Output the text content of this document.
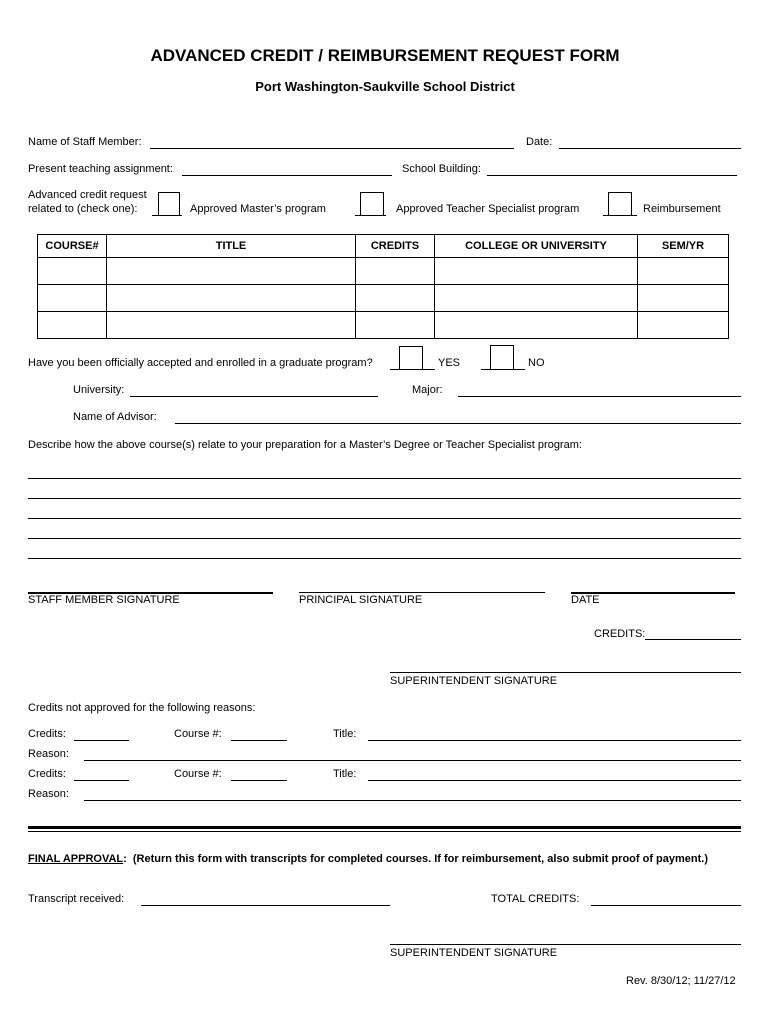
ADVANCED CREDIT / REIMBURSEMENT REQUEST FORM
Port Washington-Saukville School District
Name of Staff Member:	Date:
Present teaching assignment:	School Building:
Advanced credit request
related to (check one):	Approved Master’s program	Approved Teacher Specialist program	Reimbursement
COURSE#	TITLE	CREDITS	COLLEGE OR UNIVERSITY	SEM/YR

Have you been officially accepted and enrolled in a graduate program?	YES	NO
University:	Major:
Name of Advisor:
Describe how the above course(s) relate to your preparation for a Master’s Degree or Teacher Specialist program:
STAFF MEMBER SIGNATURE	PRINCIPAL SIGNATURE	DATE
CREDITS:
SUPERINTENDENT SIGNATURE
Credits not approved for the following reasons:
Credits:	Course #:	Title:
Reason:
Credits:	Course #:	Title:
Reason:
FINAL APPROVAL: (Return this form with transcripts for completed courses. If for reimbursement, also submit proof of payment.)
Transcript received:	TOTAL CREDITS:
SUPERINTENDENT SIGNATURE
Rev. 8/30/12; 11/27/12
